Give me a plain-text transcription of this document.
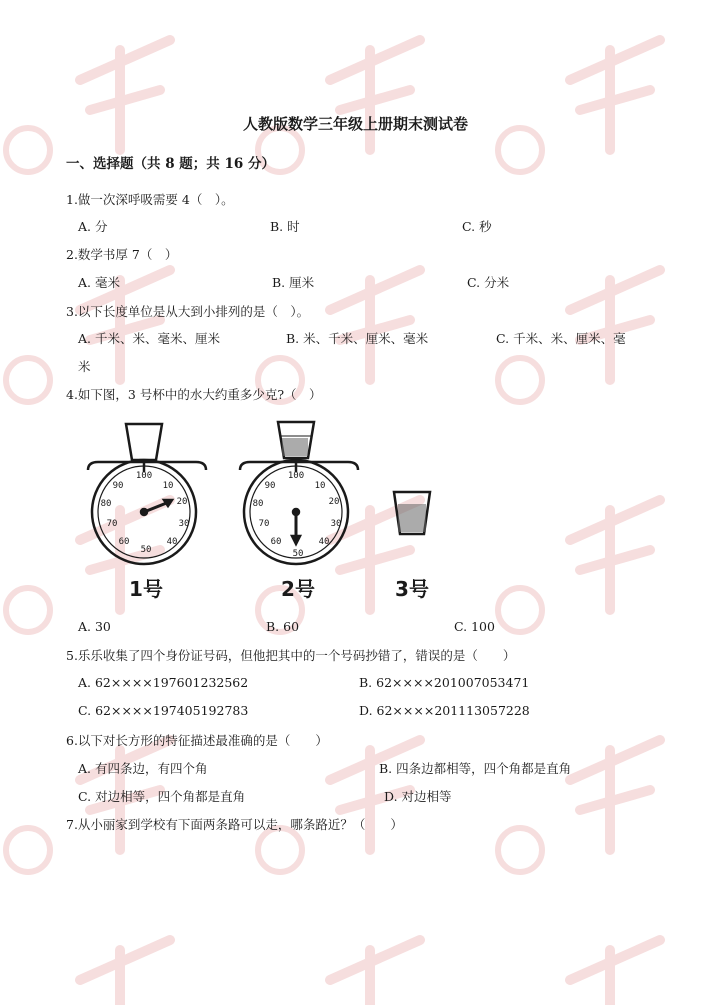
人教版数学三年级上册期末测试卷
一、选择题（共 8 题；共 16 分）
1.做一次深呼吸需要 4（　）。
A. 分	B. 时	C. 秒
2.数学书厚 7（　）
A. 毫米	B. 厘米	C. 分米
3.以下长度单位是从大到小排列的是（　）。
A. 千米、米、毫米、厘米	B. 米、千米、厘米、毫米	C. 千米、米、厘米、毫
米
4.如下图，3 号杯中的水大约重多少克?（　）
100
10
20
30
40
50
60
70
80
90
100
10
20
30
40
50
60
70
80
90
1号	2号	3号
A. 30	B. 60	C. 100
5.乐乐收集了四个身份证号码，但他把其中的一个号码抄错了，错误的是（　　）
A. 62××××197601232562	B. 62××××201007053471
C. 62××××197405192783	D. 62××××201113057228
6.以下对长方形的特征描述最准确的是（　　）
A. 有四条边，有四个角	B. 四条边都相等，四个角都是直角
C. 对边相等，四个角都是直角	D. 对边相等
7.从小丽家到学校有下面两条路可以走，哪条路近？（　　）
